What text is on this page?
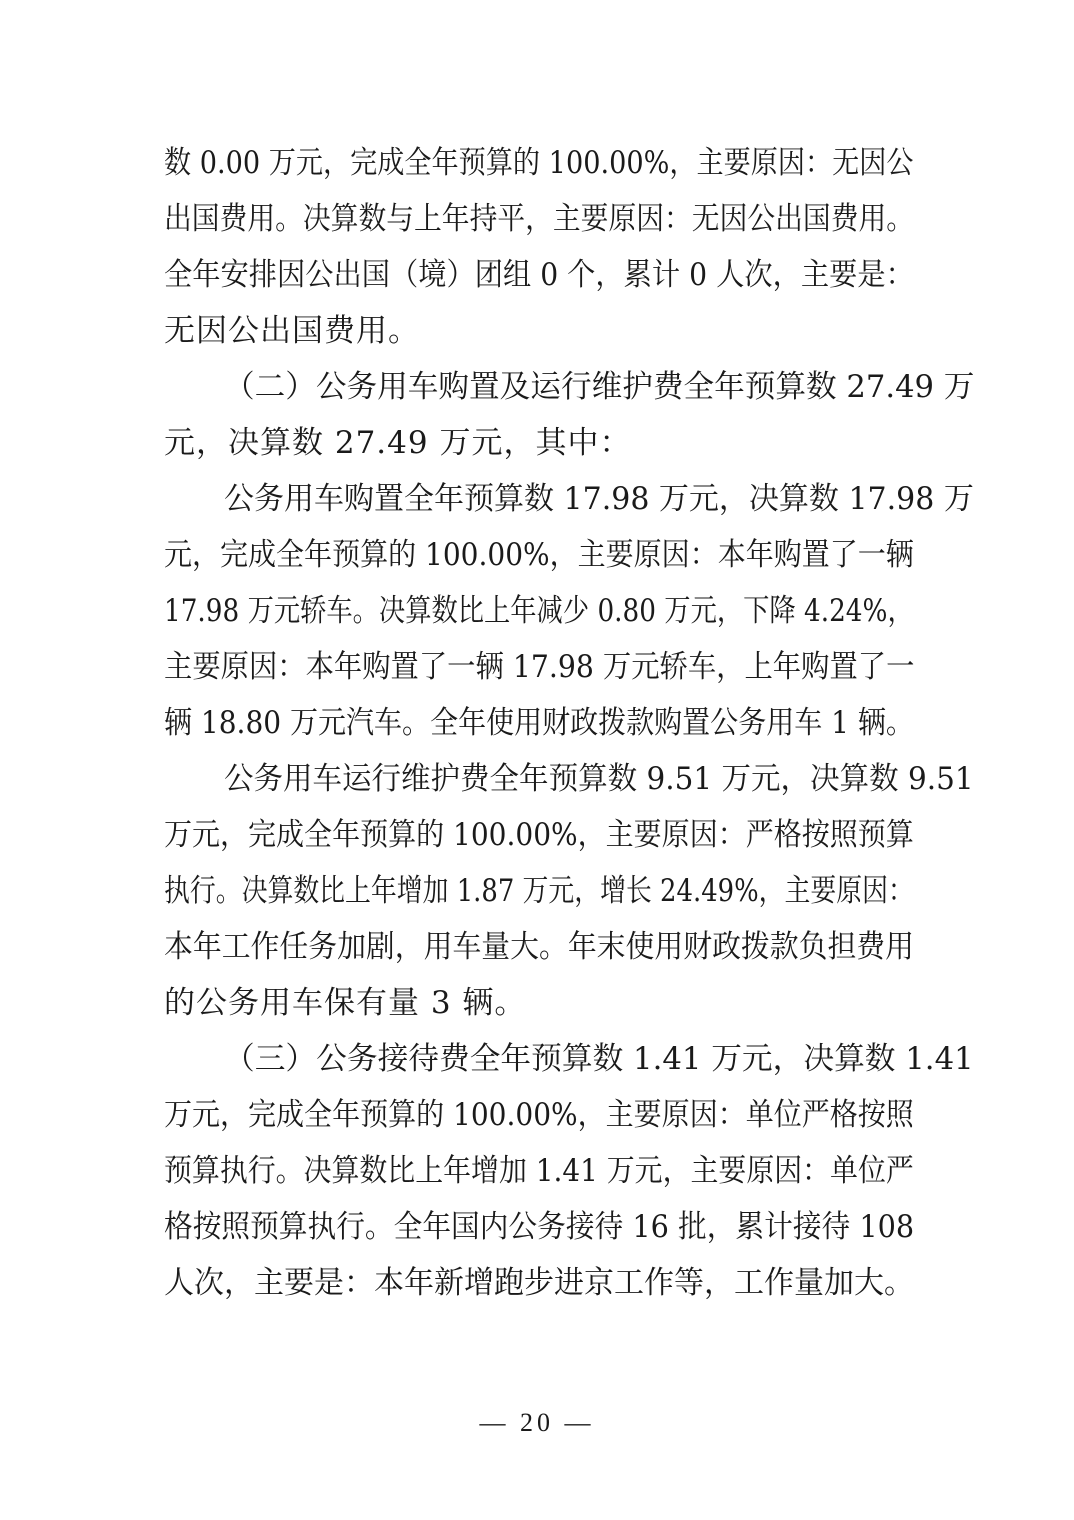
数 0.00 万元，完成全年预算的 100.00%，主要原因：无因公
出国费用。决算数与上年持平，主要原因：无因公出国费用。
全年安排因公出国（境）团组 0 个，累计 0 人次，主要是：
无因公出国费用。
（二）公务用车购置及运行维护费全年预算数 27.49 万
元，决算数 27.49 万元，其中：
公务用车购置全年预算数 17.98 万元，决算数 17.98 万
元，完成全年预算的 100.00%，主要原因：本年购置了一辆
17.98 万元轿车。决算数比上年减少 0.80 万元，下降 4.24%，
主要原因：本年购置了一辆 17.98 万元轿车，上年购置了一
辆 18.80 万元汽车。全年使用财政拨款购置公务用车 1 辆。
公务用车运行维护费全年预算数 9.51 万元，决算数 9.51
万元，完成全年预算的 100.00%，主要原因：严格按照预算
执行。决算数比上年增加 1.87 万元，增长 24.49%，主要原因：
本年工作任务加剧，用车量大。年末使用财政拨款负担费用
的公务用车保有量 3 辆。
（三）公务接待费全年预算数 1.41 万元，决算数 1.41
万元，完成全年预算的 100.00%，主要原因：单位严格按照
预算执行。决算数比上年增加 1.41 万元，主要原因：单位严
格按照预算执行。全年国内公务接待 16 批，累计接待 108
人次，主要是：本年新增跑步进京工作等，工作量加大。
— 20 —
